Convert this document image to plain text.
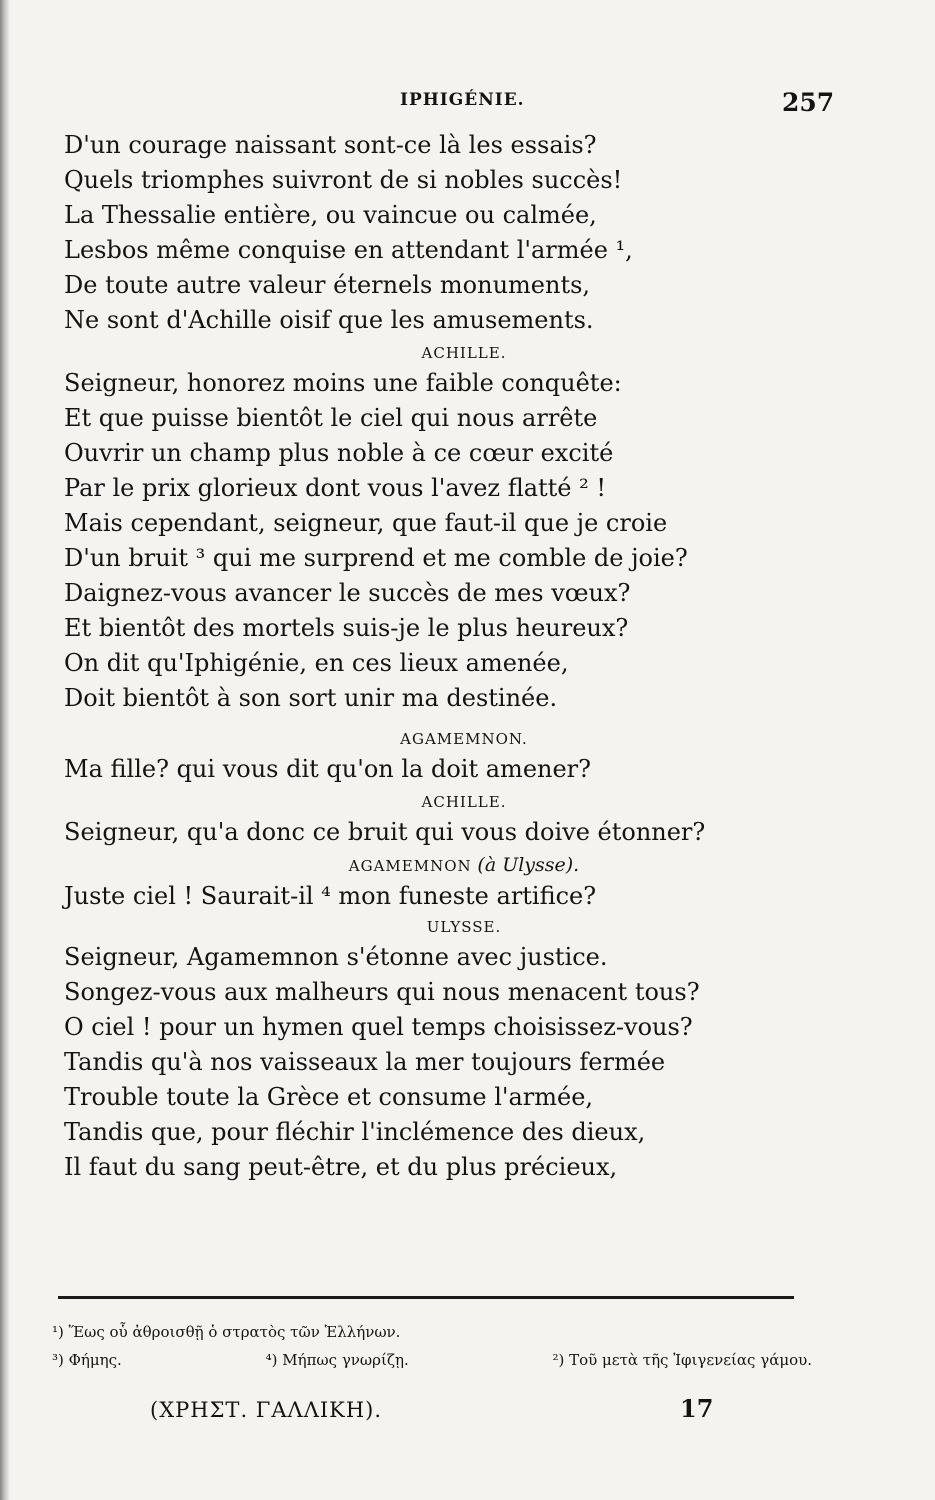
IPHIGÉNIE.	257

D'un courage naissant sont-ce là les essais?

Quels triomphes suivront de si nobles succès!

La Thessalie entière, ou vaincue ou calmée,

Lesbos même conquise en attendant l'armée ¹,

De toute autre valeur éternels monuments,

Ne sont d'Achille oisif que les amusements.

ACHILLE.

Seigneur, honorez moins une faible conquête:

Et que puisse bientôt le ciel qui nous arrête

Ouvrir un champ plus noble à ce cœur excité

Par le prix glorieux dont vous l'avez flatté ² !

Mais cependant, seigneur, que faut-il que je croie

D'un bruit ³ qui me surprend et me comble de joie?

Daignez-vous avancer le succès de mes vœux?

Et bientôt des mortels suis-je le plus heureux?

On dit qu'Iphigénie, en ces lieux amenée,

Doit bientôt à son sort unir ma destinée.

AGAMEMNON.

Ma fille? qui vous dit qu'on la doit amener?

ACHILLE.

Seigneur, qu'a donc ce bruit qui vous doive étonner?

AGAMEMNON (à Ulysse).

Juste ciel ! Saurait-il ⁴ mon funeste artifice?

ULYSSE.

Seigneur, Agamemnon s'étonne avec justice.

Songez-vous aux malheurs qui nous menacent tous?

O ciel ! pour un hymen quel temps choisissez-vous?

Tandis qu'à nos vaisseaux la mer toujours fermée

Trouble toute la Grèce et consume l'armée,

Tandis que, pour fléchir l'inclémence des dieux,

Il faut du sang peut-être, et du plus précieux,

¹) Ἕως οὗ ἀθροισθῇ ὁ στρατὸς τῶν Ἑλλήνων.
³) Φήμης.	⁴) Μήπως γνωρίζῃ.	²) Τοῦ μετὰ τῆς Ἰφιγενείας γάμου.
(ΧΡΗΣΤ. ΓΑΛΛΙΚΗ).	17
